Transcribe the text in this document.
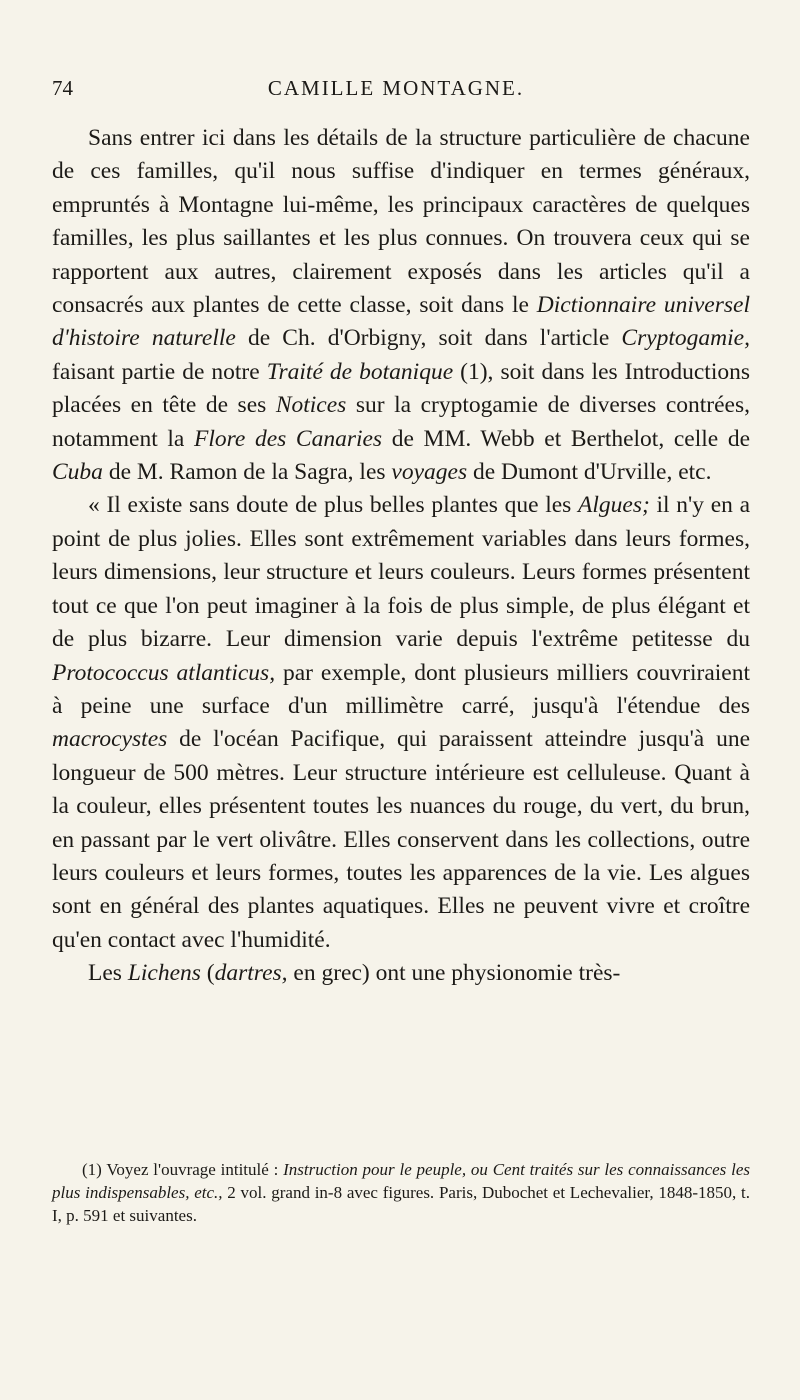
74	CAMILLE MONTAGNE.

Sans entrer ici dans les détails de la structure particulière de chacune de ces familles, qu'il nous suffise d'indiquer en termes généraux, empruntés à Montagne lui-même, les principaux caractères de quelques familles, les plus saillantes et les plus connues. On trouvera ceux qui se rapportent aux autres, clairement exposés dans les articles qu'il a consacrés aux plantes de cette classe, soit dans le Dictionnaire universel d'histoire naturelle de Ch. d'Orbigny, soit dans l'article Cryptogamie, faisant partie de notre Traité de botanique (1), soit dans les Introductions placées en tête de ses Notices sur la cryptogamie de diverses contrées, notamment la Flore des Canaries de MM. Webb et Berthelot, celle de Cuba de M. Ramon de la Sagra, les voyages de Dumont d'Urville, etc.

« Il existe sans doute de plus belles plantes que les Algues; il n'y en a point de plus jolies. Elles sont extrêmement variables dans leurs formes, leurs dimensions, leur structure et leurs couleurs. Leurs formes présentent tout ce que l'on peut imaginer à la fois de plus simple, de plus élégant et de plus bizarre. Leur dimension varie depuis l'extrême petitesse du Protococcus atlanticus, par exemple, dont plusieurs milliers couvriraient à peine une surface d'un millimètre carré, jusqu'à l'étendue des macrocystes de l'océan Pacifique, qui paraissent atteindre jusqu'à une longueur de 500 mètres. Leur structure intérieure est celluleuse. Quant à la couleur, elles présentent toutes les nuances du rouge, du vert, du brun, en passant par le vert olivâtre. Elles conservent dans les collections, outre leurs couleurs et leurs formes, toutes les apparences de la vie. Les algues sont en général des plantes aquatiques. Elles ne peuvent vivre et croître qu'en contact avec l'humidité.

Les Lichens (dartres, en grec) ont une physionomie très-

(1) Voyez l'ouvrage intitulé : Instruction pour le peuple, ou Cent traités sur les connaissances les plus indispensables, etc., 2 vol. grand in-8 avec figures. Paris, Dubochet et Lechevalier, 1848-1850, t. I, p. 591 et suivantes.
